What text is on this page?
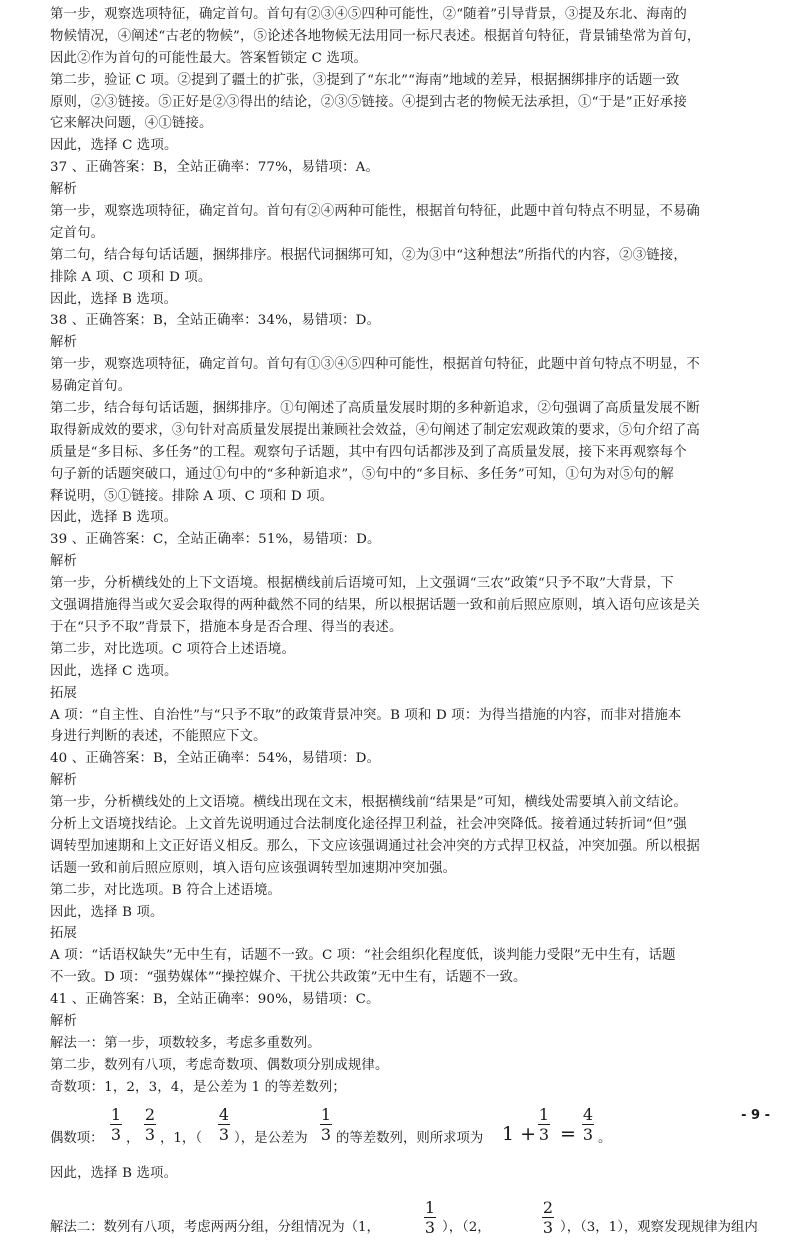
第一步，观察选项特征，确定首句。首句有②③④⑤四种可能性，②“随着”引导背景，③提及东北、海南的
物候情况，④阐述“古老的物候”，⑤论述各地物候无法用同一标尺表述。根据首句特征，背景铺垫常为首句，
因此②作为首句的可能性最大。答案暂锁定 C 选项。
第二步，验证 C 项。②提到了疆土的扩张，③提到了“东北”“海南”地域的差异，根据捆绑排序的话题一致
原则，②③链接。⑤正好是②③得出的结论，②③⑤链接。④提到古老的物候无法承担，①“于是”正好承接
它来解决问题，④①链接。
因此，选择 C 选项。
37 、正确答案：B，全站正确率：77%，易错项：A。
解析
第一步，观察选项特征，确定首句。首句有②④两种可能性，根据首句特征，此题中首句特点不明显，不易确
定首句。
第二句，结合每句话话题，捆绑排序。根据代词捆绑可知，②为③中“这种想法”所指代的内容，②③链接，
排除 A 项、C 项和 D 项。
因此，选择 B 选项。
38 、正确答案：B，全站正确率：34%，易错项：D。
解析
第一步，观察选项特征，确定首句。首句有①③④⑤四种可能性，根据首句特征，此题中首句特点不明显，不
易确定首句。
第二步，结合每句话话题，捆绑排序。①句阐述了高质量发展时期的多种新追求，②句强调了高质量发展不断
取得新成效的要求，③句针对高质量发展提出兼顾社会效益，④句阐述了制定宏观政策的要求，⑤句介绍了高
质量是“多目标、多任务”的工程。观察句子话题，其中有四句话都涉及到了高质量发展，接下来再观察每个
句子新的话题突破口，通过①句中的“多种新追求”，⑤句中的“多目标、多任务”可知，①句为对⑤句的解
释说明，⑤①链接。排除 A 项、C 项和 D 项。
因此，选择 B 选项。
39 、正确答案：C，全站正确率：51%，易错项：D。
解析
第一步，分析横线处的上下文语境。根据横线前后语境可知，上文强调“三农”政策“只予不取”大背景，下
文强调措施得当或欠妥会取得的两种截然不同的结果，所以根据话题一致和前后照应原则，填入语句应该是关
于在“只予不取”背景下，措施本身是否合理、得当的表述。
第二步，对比选项。C 项符合上述语境。
因此，选择 C 选项。
拓展
A 项：“自主性、自治性”与“只予不取”的政策背景冲突。B 项和 D 项：为得当措施的内容，而非对措施本
身进行判断的表述，不能照应下文。
40 、正确答案：B，全站正确率：54%，易错项：D。
解析
第一步，分析横线处的上文语境。横线出现在文末，根据横线前“结果是”可知，横线处需要填入前文结论。
分析上文语境找结论。上文首先说明通过合法制度化途径捍卫利益，社会冲突降低。接着通过转折词“但”强
调转型加速期和上文正好语义相反。那么，下文应该强调通过社会冲突的方式捍卫权益，冲突加强。所以根据
话题一致和前后照应原则，填入语句应该强调转型加速期冲突加强。
第二步，对比选项。B 符合上述语境。
因此，选择 B 项。
拓展
A 项：“话语权缺失”无中生有，话题不一致。C 项：“社会组织化程度低，谈判能力受限”无中生有，话题
不一致。D 项：“强势媒体”“操控媒介、干扰公共政策”无中生有，话题不一致。
41 、正确答案：B，全站正确率：90%，易错项：C。
解析
解法一：第一步，项数较多，考虑多重数列。
第二步，数列有八项，考虑奇数项、偶数项分别成规律。
奇数项：1，2，3，4，是公差为 1 的等差数列；
偶数项：
1
3 ，
2
3 ，1，（
4
3 ），是公差为
1
3 的等差数列，则所求项为 1 +
1
3 =
4
3 。
因此，选择 B 选项。
解法二：数列有八项，考虑两两分组，分组情况为（1，
1
3 ），（2，
2
3 ），（3，1），观察发现规律为组内
- 9 -
